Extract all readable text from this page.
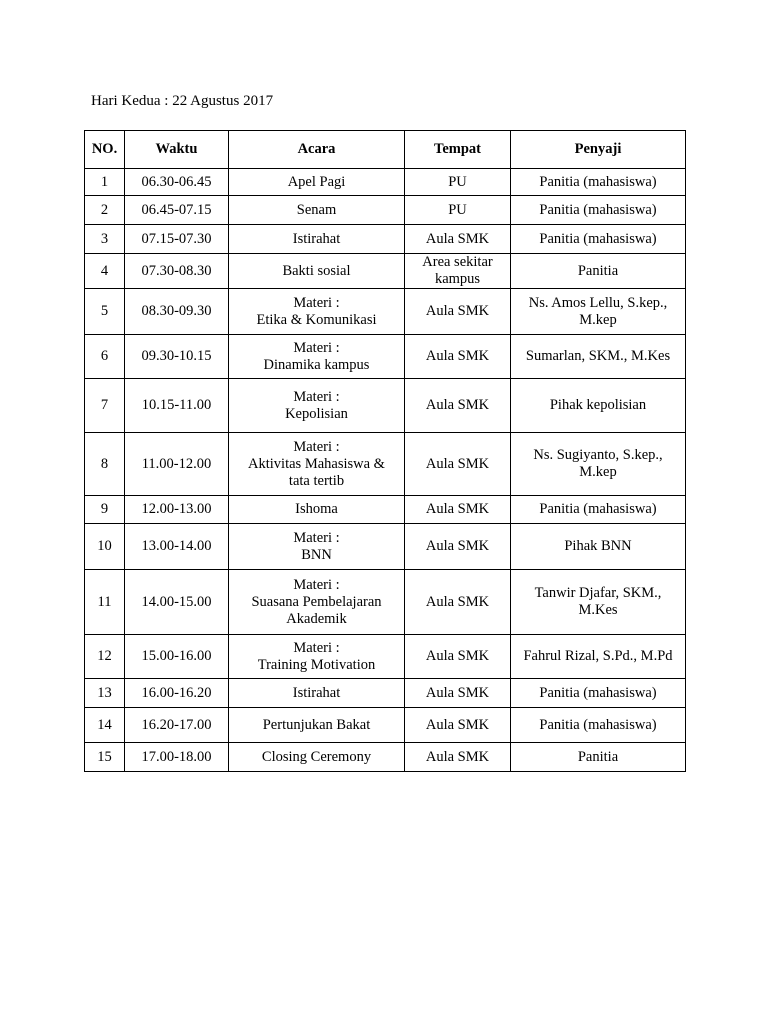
Hari Kedua : 22 Agustus 2017
NO.	Waktu	Acara	Tempat	Penyaji
1	06.30-06.45	Apel Pagi	PU	Panitia (mahasiswa)

2	06.45-07.15	Senam	PU	Panitia (mahasiswa)

3	07.15-07.30	Istirahat	Aula SMK	Panitia (mahasiswa)

4	07.30-08.30	Bakti sosial	Area sekitar
kampus	Panitia

5	08.30-09.30	Materi :
Etika & Komunikasi	Aula SMK	Ns. Amos Lellu, S.kep.,
M.kep

6	09.30-10.15	Materi :
Dinamika kampus	Aula SMK	Sumarlan, SKM., M.Kes

7	10.15-11.00	Materi :
Kepolisian	Aula SMK	Pihak kepolisian

8	11.00-12.00	Materi :
Aktivitas Mahasiswa &
tata tertib	Aula SMK	Ns. Sugiyanto, S.kep.,
M.kep

9	12.00-13.00	Ishoma	Aula SMK	Panitia (mahasiswa)

10	13.00-14.00	Materi :
BNN	Aula SMK	Pihak BNN

11	14.00-15.00	Materi :
Suasana Pembelajaran
Akademik	Aula SMK	Tanwir Djafar, SKM.,
M.Kes

12	15.00-16.00	Materi :
Training Motivation	Aula SMK	Fahrul Rizal, S.Pd., M.Pd

13	16.00-16.20	Istirahat	Aula SMK	Panitia (mahasiswa)

14	16.20-17.00	Pertunjukan Bakat	Aula SMK	Panitia (mahasiswa)

15	17.00-18.00	Closing Ceremony	Aula SMK	Panitia
